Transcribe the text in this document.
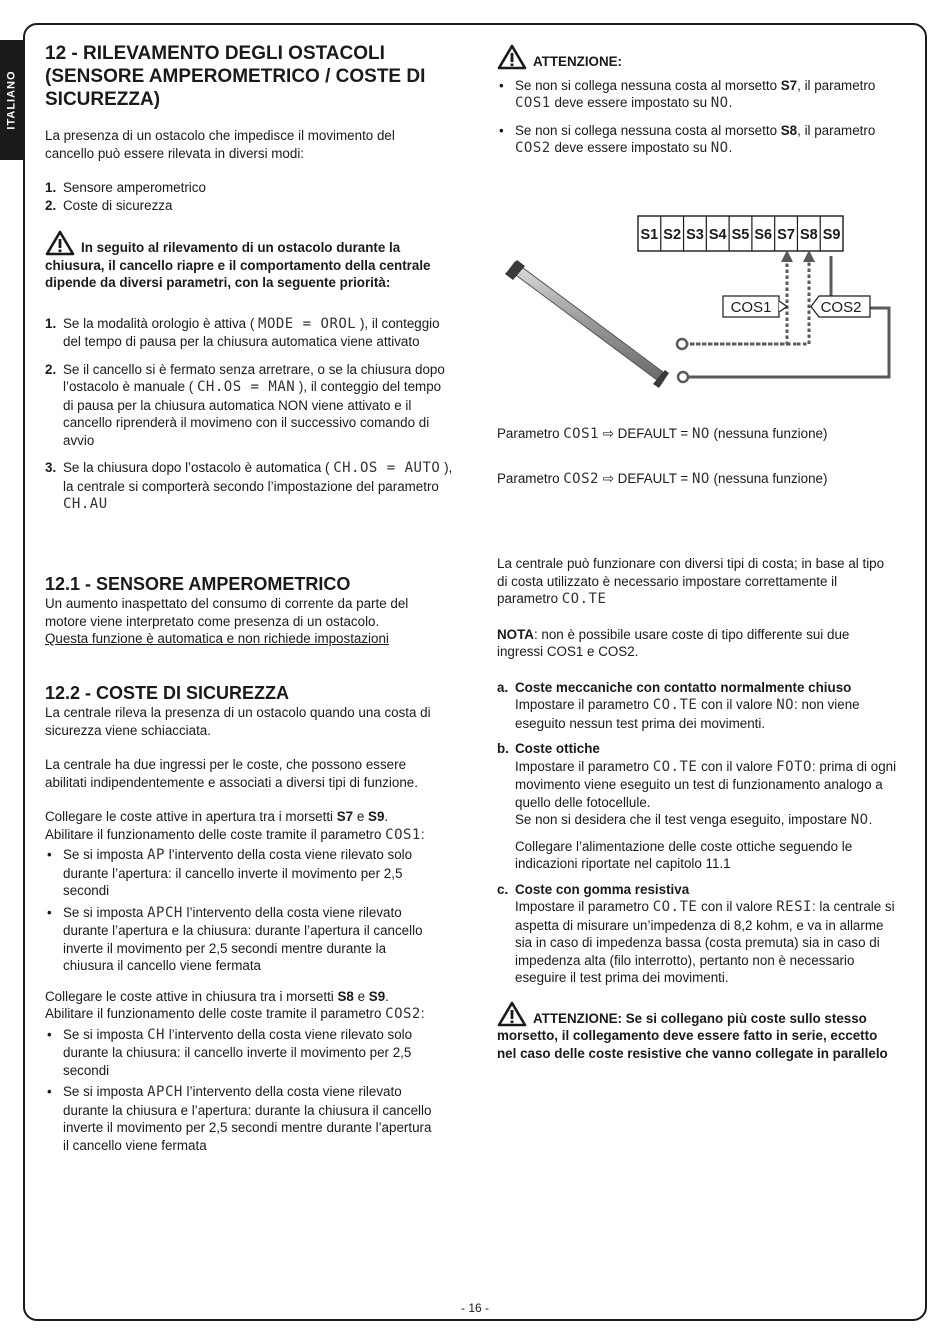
ITALIANO
12 - RILEVAMENTO DEGLI OSTACOLI
(SENSORE AMPEROMETRICO / COSTE DI
SICUREZZA)

La presenza di un ostacolo che impedisce il movimento del cancello può essere rilevata in diversi modi:

1. Sensore amperometrico
2. Coste di sicurezza

In seguito al rilevamento di un ostacolo durante la chiusura, il cancello riapre e il comportamento della centrale dipende da diversi parametri, con la seguente priorità:

1. Se la modalità orologio è attiva ( MODE = OROL ), il conteggio del tempo di pausa per la chiusura automatica viene attivato
2. Se il cancello si è fermato senza arretrare, o se la chiusura dopo l’ostacolo è manuale ( CH.OS = MAN ), il conteggio del tempo di pausa per la chiusura automatica NON viene attivato e il cancello riprenderà il movimeno con il successivo comando di avvio
3. Se la chiusura dopo l’ostacolo è automatica ( CH.OS = AUTO ), la centrale si comporterà secondo l’impostazione del parametro CH.AU

ATTENZIONE:

• Se non si collega nessuna costa al morsetto S7, il parametro COS1 deve essere impostato su NO.
• Se non si collega nessuna costa al morsetto S8, il parametro COS2 deve essere impostato su NO.
S1 S2 S3 S4 S5 S6 S7 S8 S9
COS1	COS2

Parametro COS1 ⇨ DEFAULT = NO (nessuna funzione)

Parametro COS2 ⇨ DEFAULT = NO (nessuna funzione)

12.1 - SENSORE AMPEROMETRICO

Un aumento inaspettato del consumo di corrente da parte del motore viene interpretato come presenza di un ostacolo.

Questa funzione è automatica e non richiede impostazioni

12.2 - COSTE DI SICUREZZA

La centrale rileva la presenza di un ostacolo quando una costa di sicurezza viene schiacciata.

La centrale ha due ingressi per le coste, che possono essere abilitati indipendentemente e associati a diversi tipi di funzione.

Collegare le coste attive in apertura tra i morsetti S7 e S9.
Abilitare il funzionamento delle coste tramite il parametro COS1:

• Se si imposta AP l’intervento della costa viene rilevato solo durante l’apertura: il cancello inverte il movimento per 2,5 secondi
• Se si imposta APCH l’intervento della costa viene rilevato durante l’apertura e la chiusura: durante l’apertura il cancello inverte il movimento per 2,5 secondi mentre durante la chiusura il cancello viene fermata

Collegare le coste attive in chiusura tra i morsetti S8 e S9.
Abilitare il funzionamento delle coste tramite il parametro COS2:

• Se si imposta CH l’intervento della costa viene rilevato solo durante la chiusura: il cancello inverte il movimento per 2,5 secondi
• Se si imposta APCH l’intervento della costa viene rilevato durante la chiusura e l’apertura: durante la chiusura il cancello inverte il movimento per 2,5 secondi mentre durante l’apertura il cancello viene fermata

La centrale può funzionare con diversi tipi di costa; in base al tipo di costa utilizzato è necessario impostare correttamente il parametro CO.TE

NOTA: non è possibile usare coste di tipo differente sui due ingressi COS1 e COS2.

a. Coste meccaniche con contatto normalmente chiuso
Impostare il parametro CO.TE con il valore NO: non viene eseguito nessun test prima dei movimenti.
b. Coste ottiche
Impostare il parametro CO.TE con il valore FOTO: prima di ogni movimento viene eseguito un test di funzionamento analogo a quello delle fotocellule.
Se non si desidera che il test venga eseguito, impostare NO.
Collegare l’alimentazione delle coste ottiche seguendo le indicazioni riportate nel capitolo 11.1
c. Coste con gomma resistiva
Impostare il parametro CO.TE con il valore RESI: la centrale si aspetta di misurare un’impedenza di 8,2 kohm, e va in allarme sia in caso di impedenza bassa (costa premuta) sia in caso di impedenza alta (filo interrotto), pertanto non è necessario eseguire il test prima dei movimenti.

ATTENZIONE: Se si collegano più coste sullo stesso morsetto, il collegamento deve essere fatto in serie, eccetto nel caso delle coste resistive che vanno collegate in parallelo

- 16 -
